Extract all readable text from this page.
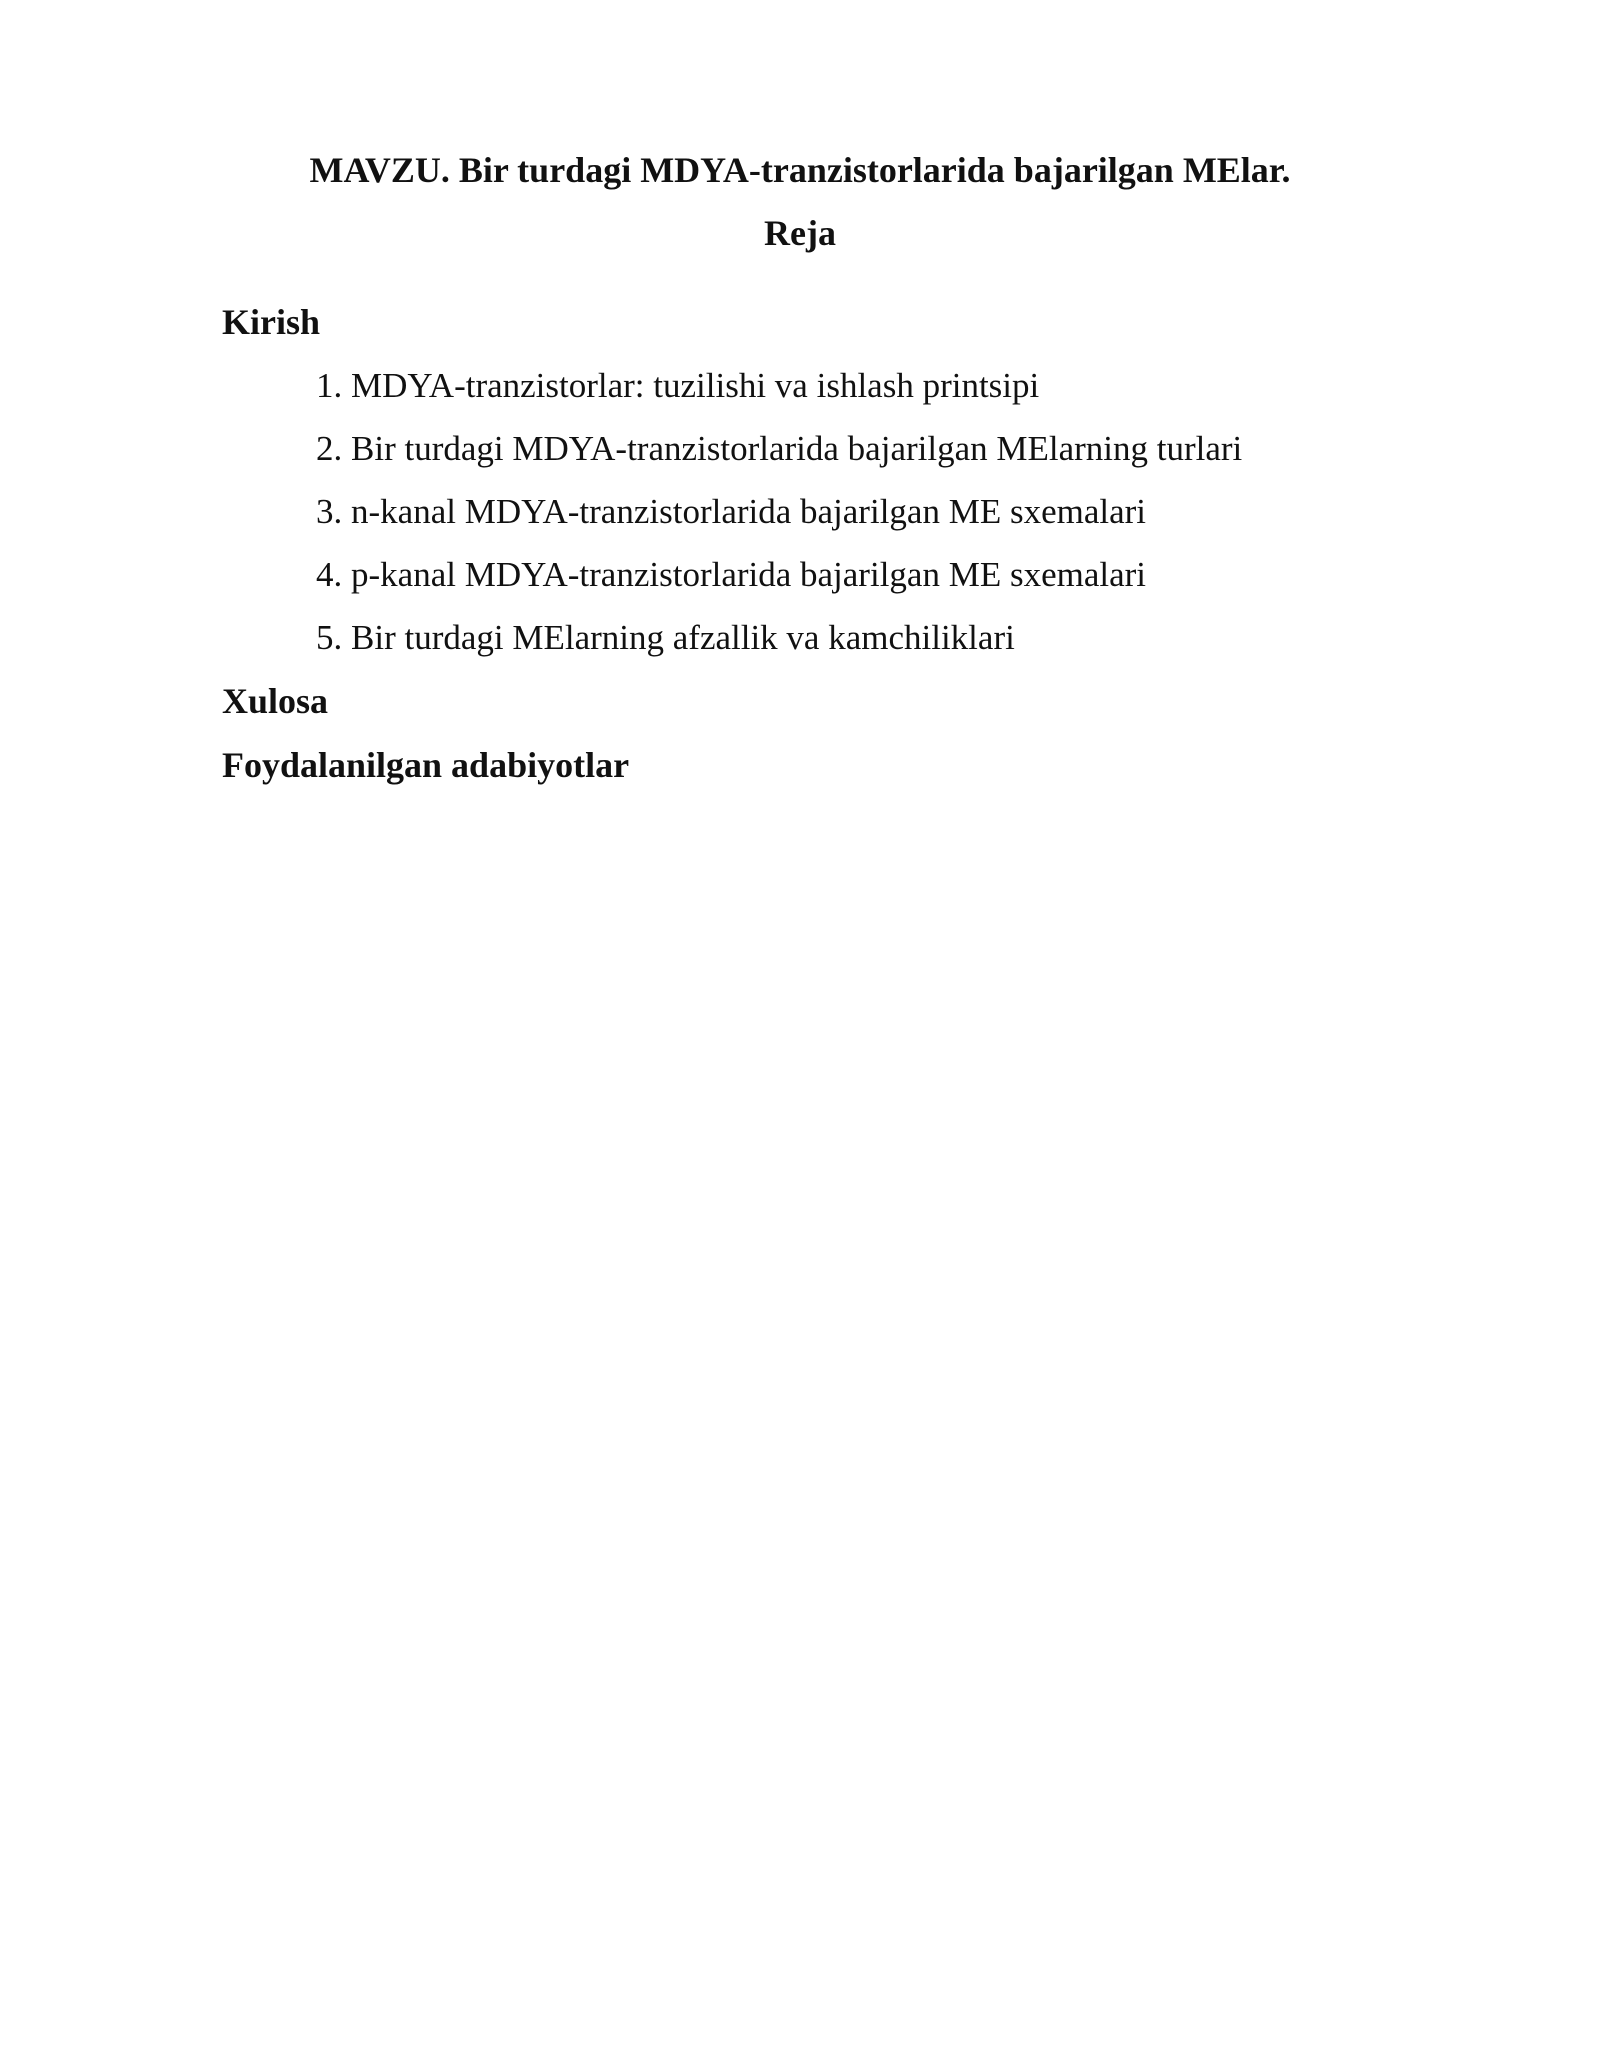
MAVZU. Bir turdagi MDYA-tranzistorlarida bajarilgan MElar.
Reja

Kirish

1. MDYA-tranzistorlar: tuzilishi va ishlash printsipi
2. Bir turdagi MDYA-tranzistorlarida bajarilgan MElarning turlari
3. n-kanal MDYA-tranzistorlarida bajarilgan ME sxemalari
4. p-kanal MDYA-tranzistorlarida bajarilgan ME sxemalari
5. Bir turdagi MElarning afzallik va kamchiliklari

Xulosa

Foydalanilgan adabiyotlar
